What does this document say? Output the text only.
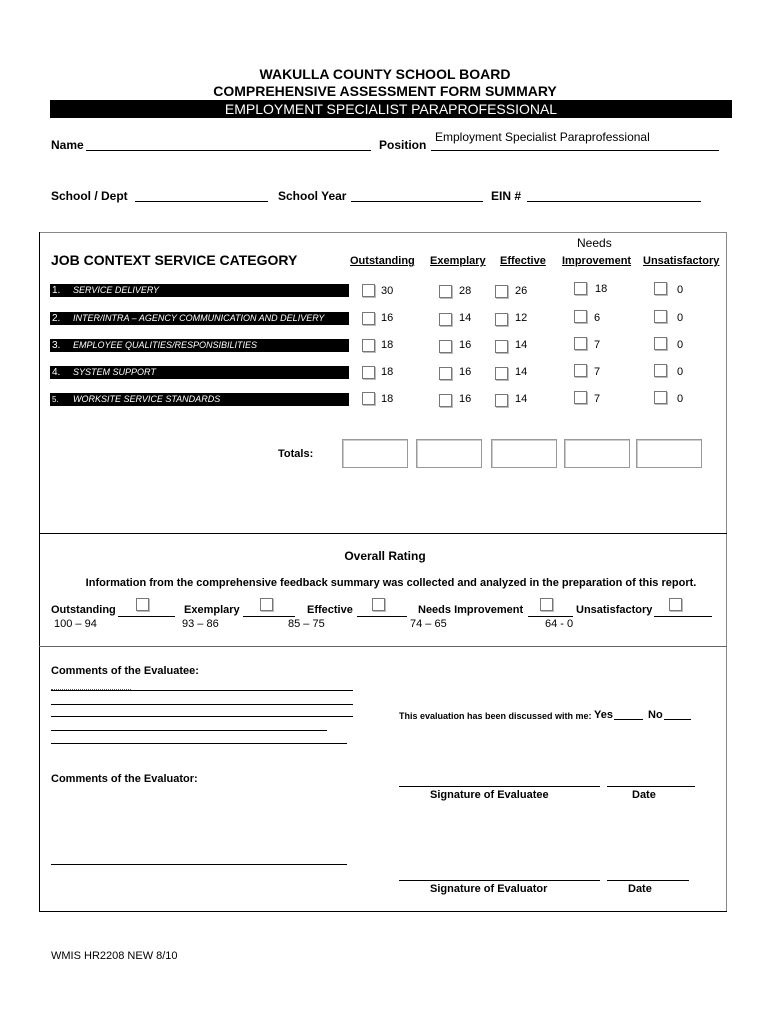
WAKULLA COUNTY SCHOOL BOARD
COMPREHENSIVE ASSESSMENT FORM SUMMARY
EMPLOYMENT SPECIALIST PARAPROFESSIONAL
Name	Position
Employment Specialist Paraprofessional
School / Dept	School Year	EIN #
JOB CONTEXT SERVICE CATEGORY	Outstanding Exemplary Effective
Needs
Improvement Unsatisfactory
1. SERVICE DELIVERY	30	28	26	18	0
2. INTER/INTRA – AGENCY COMMUNICATION AND DELIVERY	16	14	12	6	0
3. EMPLOYEE QUALITIES/RESPONSIBILITIES	18	16	14	7	0
4. SYSTEM SUPPORT	18	16	14	7	0
5. WORKSITE SERVICE STANDARDS	18	16	14	7	0
Totals:
Overall Rating
Information from the comprehensive feedback summary was collected and analyzed in the preparation of this report.
Outstanding
100 – 94
Exemplary
93 – 86
Effective
85 – 75
Needs Improvement
74 – 65
Unsatisfactory
64 - 0
Comments of the Evaluatee:
This evaluation has been discussed with me: Yes	No
Comments of the Evaluator:
Signature of Evaluatee	Date
Signature of Evaluator	Date
WMIS HR2208 NEW 8/10
